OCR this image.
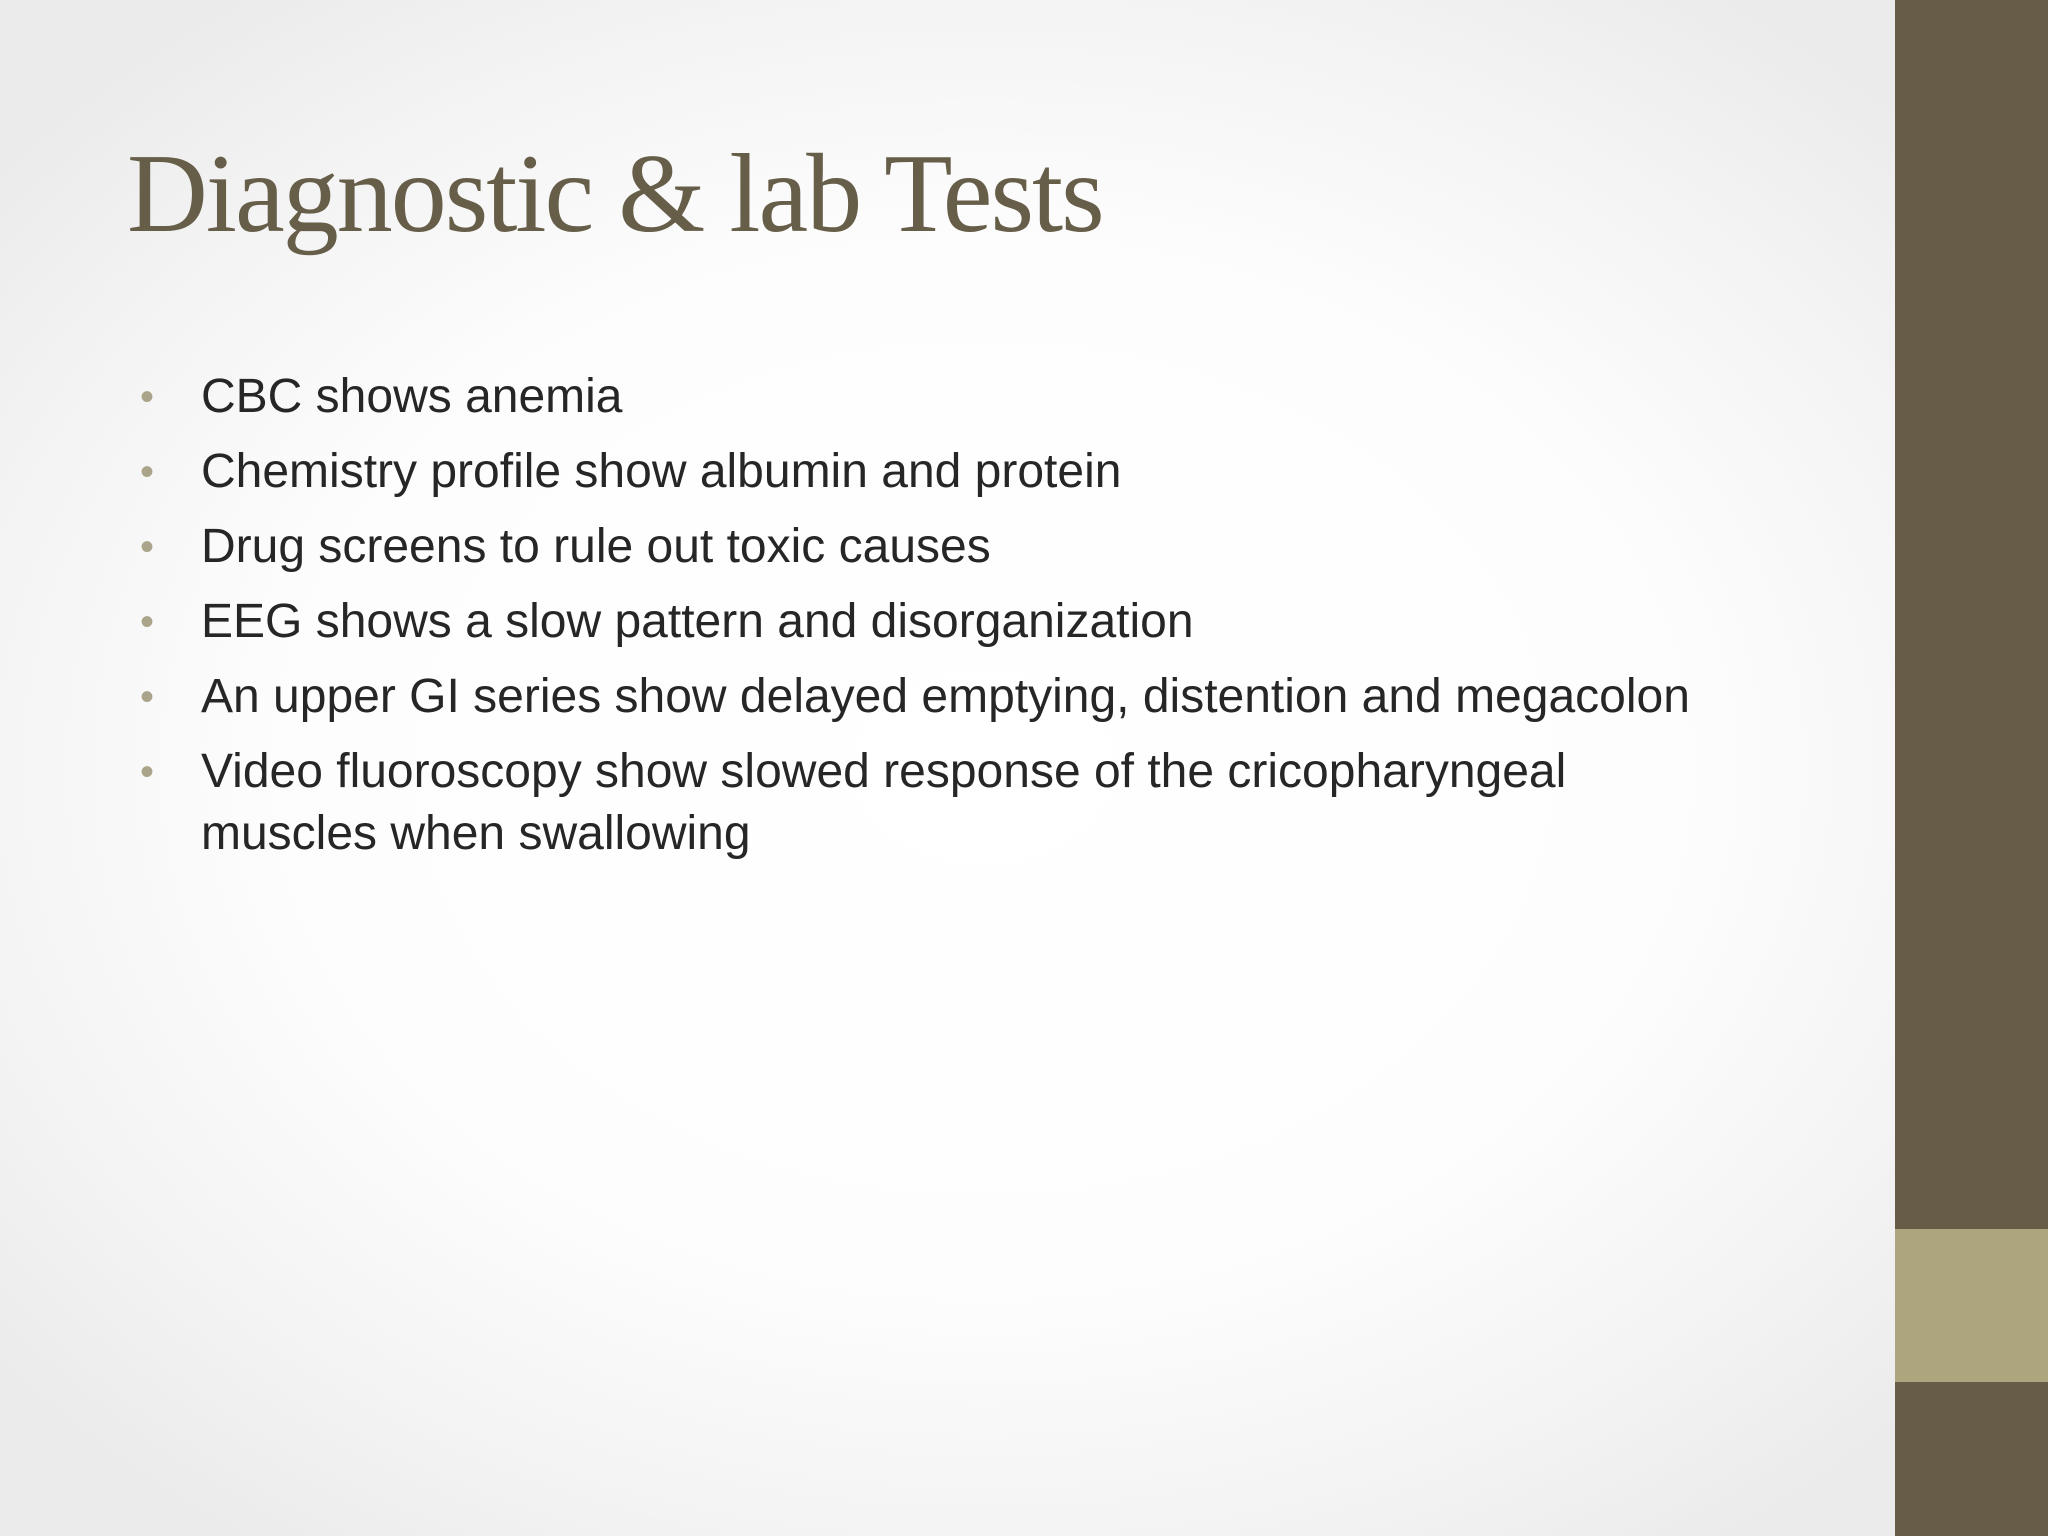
Diagnostic & lab Tests
• CBC shows anemia
• Chemistry profile show albumin and protein
• Drug screens to rule out toxic causes
• EEG shows a slow pattern and disorganization
• An upper GI series show delayed emptying, distention and megacolon
• Video fluoroscopy show slowed response of the cricopharyngeal muscles when swallowing
